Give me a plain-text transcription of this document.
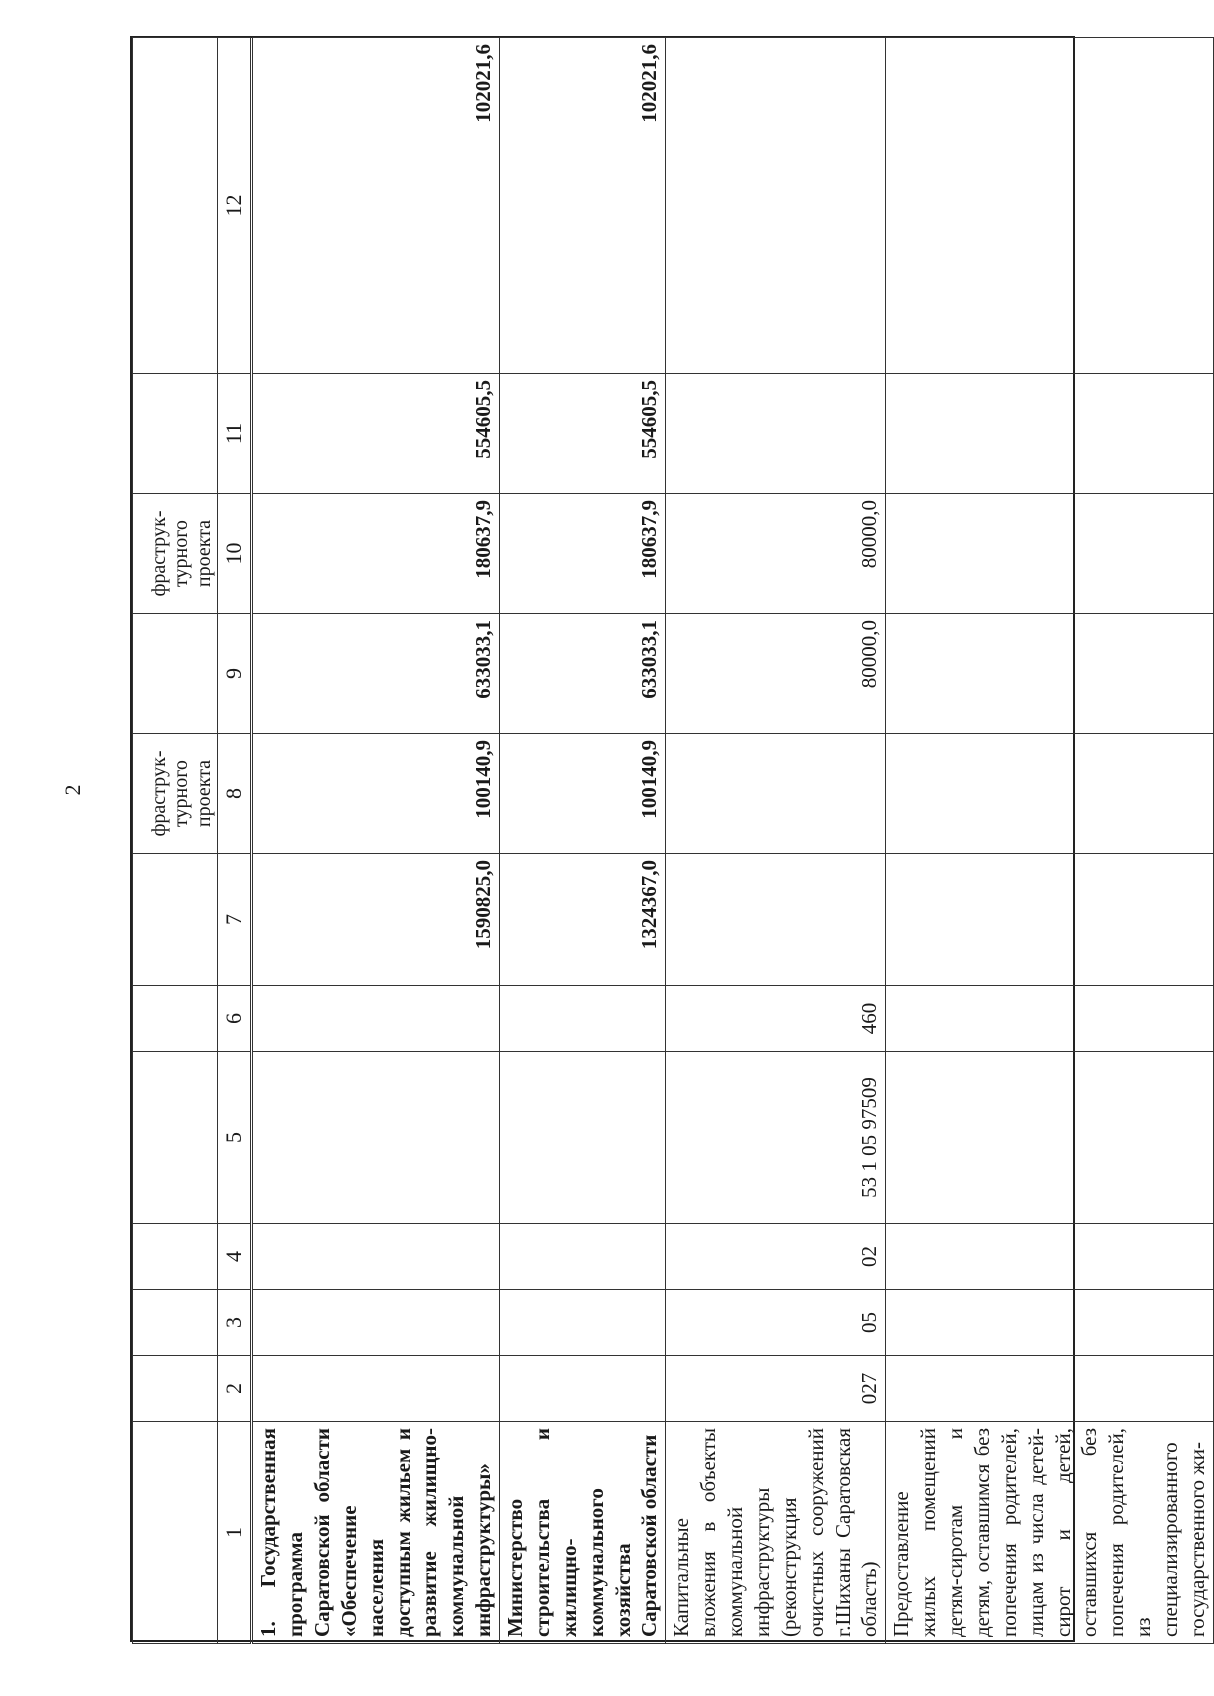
2

							фрастрyк-
турного
проекта		фрастрyк-
турного
проекта		

1	2	3	4	5	6	7	8	9	10	11	12
1. Государственная программа Саратовской области «Обеспечение населения доступным жильем и развитие жилищно-коммунальной инфраструктуры»						1590825,0	100140,9	633033,1	180637,9	554605,5	102021,6
Министерство строительства и жилищно-коммунального хозяйства Саратовской области						1324367,0	100140,9	633033,1	180637,9	554605,5	102021,6
Капитальные вложения в объекты коммунальной инфраструктуры (реконструкция очистных сооружений г.Шиханы Саратовская область)	027	05	02	53 1 05 97509	460			80000,0	80000,0		
Предоставление жилых помещений детям-сиротам и детям, оставшимся без попечения родителей, лицам из числа детей-сирот и детей, оставшихся без попечения родителей, из специализированного государственного жи-											
